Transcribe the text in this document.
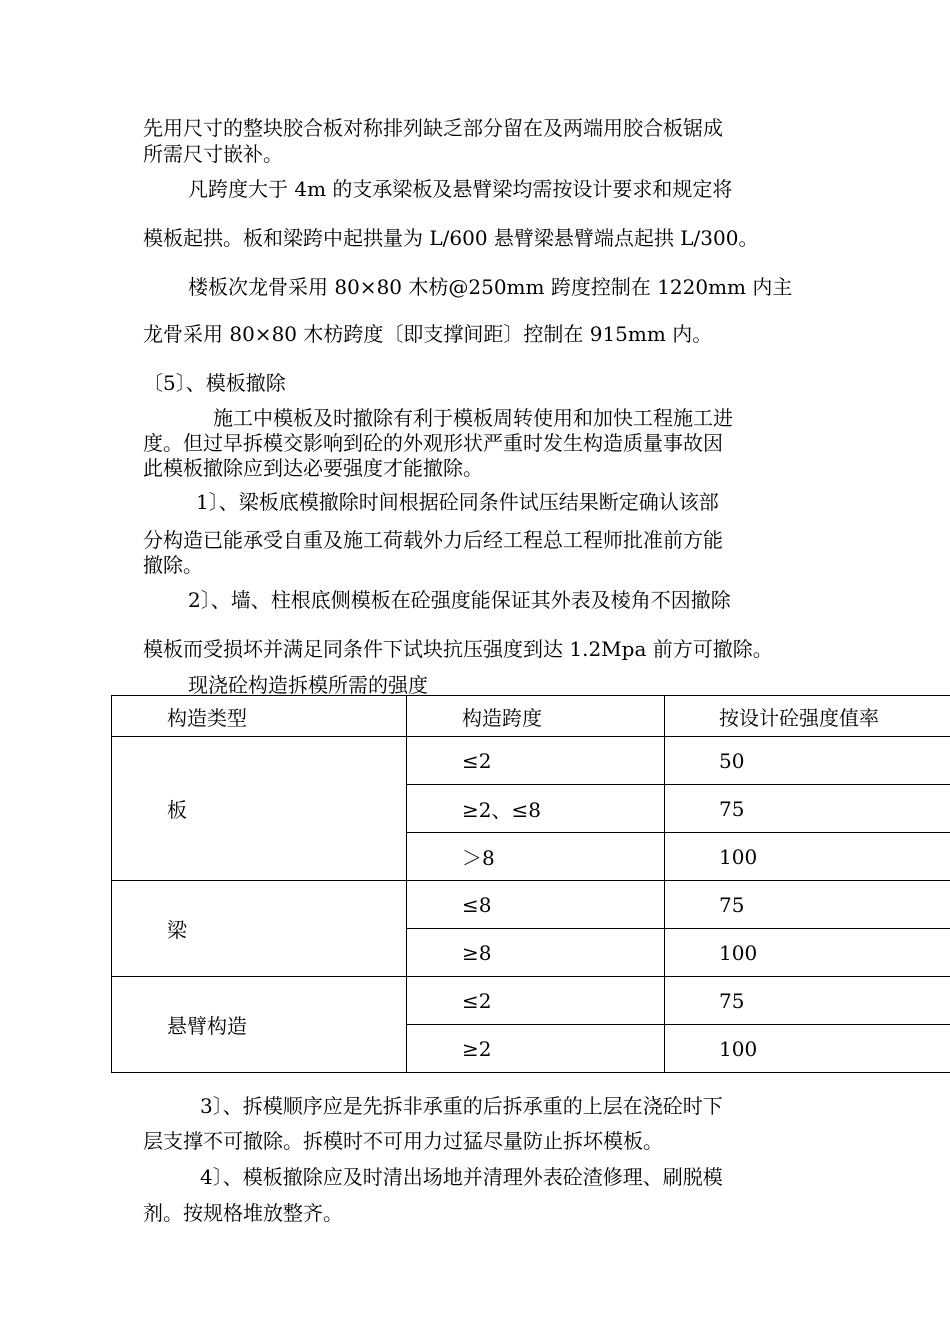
先用尺寸的整块胶合板对称排列缺乏部分留在及两端用胶合板锯成
所需尺寸嵌补。
凡跨度大于 4m 的支承梁板及悬臂梁均需按设计要求和规定将
模板起拱。板和梁跨中起拱量为 L/600 悬臂梁悬臂端点起拱 L/300。
楼板次龙骨采用 80×80 木枋@250mm 跨度控制在 1220mm 内主
龙骨采用 80×80 木枋跨度〔即支撑间距〕控制在 915mm 内。
〔5〕、模板撤除
施工中模板及时撤除有利于模板周转使用和加快工程施工进
度。但过早拆模交影响到砼的外观形状严重时发生构造质量事故因
此模板撤除应到达必要强度才能撤除。
1〕、梁板底模撤除时间根据砼同条件试压结果断定确认该部
分构造已能承受自重及施工荷载外力后经工程总工程师批准前方能
撤除。
2〕、墙、柱根底侧模板在砼强度能保证其外表及棱角不因撤除
模板而受损坏并满足同条件下试块抗压强度到达 1.2Mpa 前方可撤除。
现浇砼构造拆模所需的强度
构造类型	构造跨度	按设计砼强度值率
板	≤2	50
	≥2、≤8	75
	＞8	100
梁	≤8	75
	≥8	100
悬臂构造	≤2	75
	≥2	100
3〕、拆模顺序应是先拆非承重的后拆承重的上层在浇砼时下
层支撑不可撤除。拆模时不可用力过猛尽量防止拆坏模板。
4〕、模板撤除应及时清出场地并清理外表砼渣修理、刷脱模
剂。按规格堆放整齐。
